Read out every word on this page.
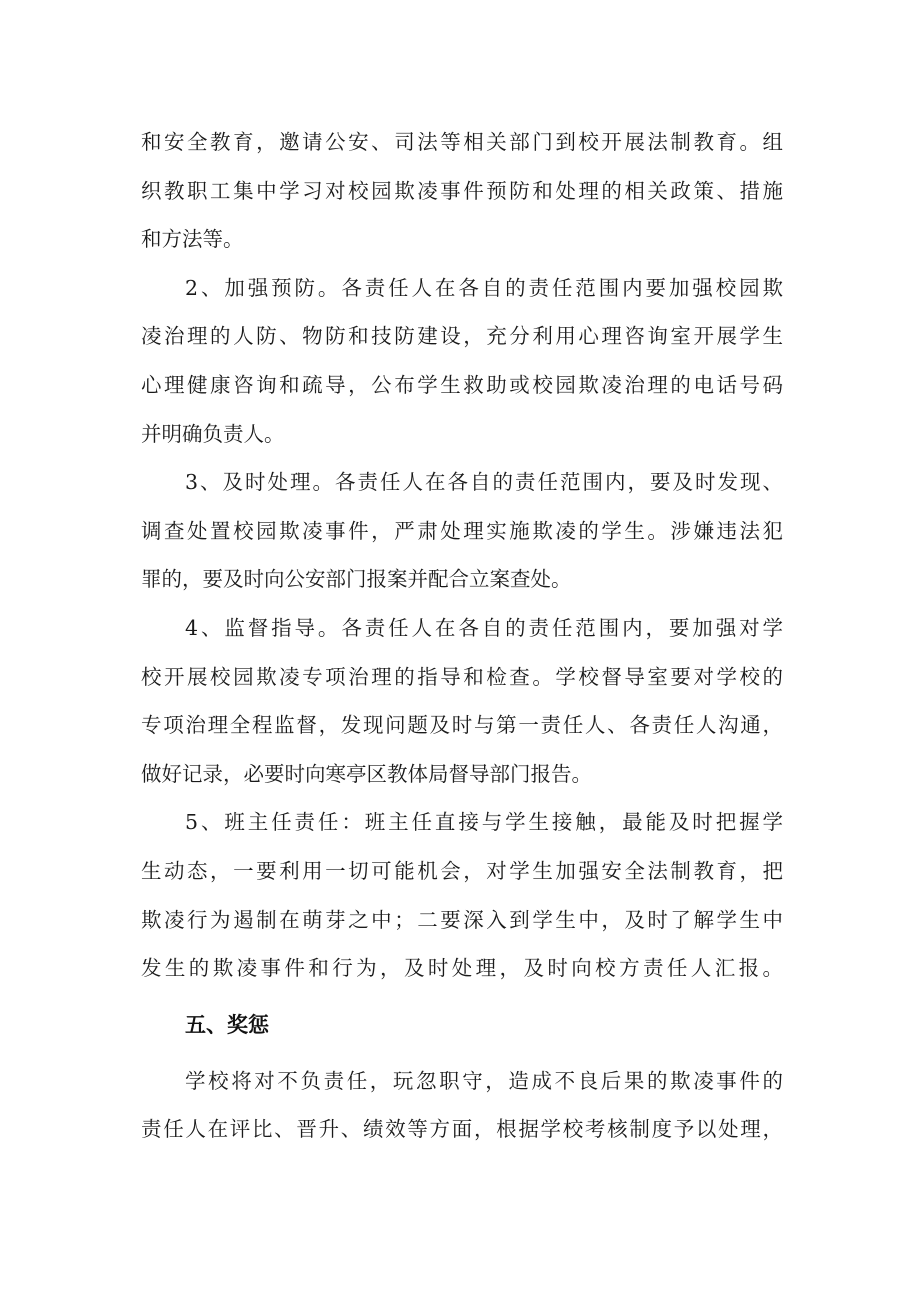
和安全教育，邀请公安、司法等相关部门到校开展法制教育。组
织教职工集中学习对校园欺凌事件预防和处理的相关政策、措施
和方法等。
2、加强预防。各责任人在各自的责任范围内要加强校园欺
凌治理的人防、物防和技防建设，充分利用心理咨询室开展学生
心理健康咨询和疏导，公布学生救助或校园欺凌治理的电话号码
并明确负责人。
3、及时处理。各责任人在各自的责任范围内，要及时发现、
调查处置校园欺凌事件，严肃处理实施欺凌的学生。涉嫌违法犯
罪的，要及时向公安部门报案并配合立案查处。
4、监督指导。各责任人在各自的责任范围内，要加强对学
校开展校园欺凌专项治理的指导和检查。学校督导室要对学校的
专项治理全程监督，发现问题及时与第一责任人、各责任人沟通，
做好记录，必要时向寒亭区教体局督导部门报告。
5、班主任责任：班主任直接与学生接触，最能及时把握学
生动态，一要利用一切可能机会，对学生加强安全法制教育，把
欺凌行为遏制在萌芽之中；二要深入到学生中，及时了解学生中
发生的欺凌事件和行为，及时处理，及时向校方责任人汇报。
五、奖惩
学校将对不负责任，玩忽职守，造成不良后果的欺凌事件的
责任人在评比、晋升、绩效等方面，根据学校考核制度予以处理，
